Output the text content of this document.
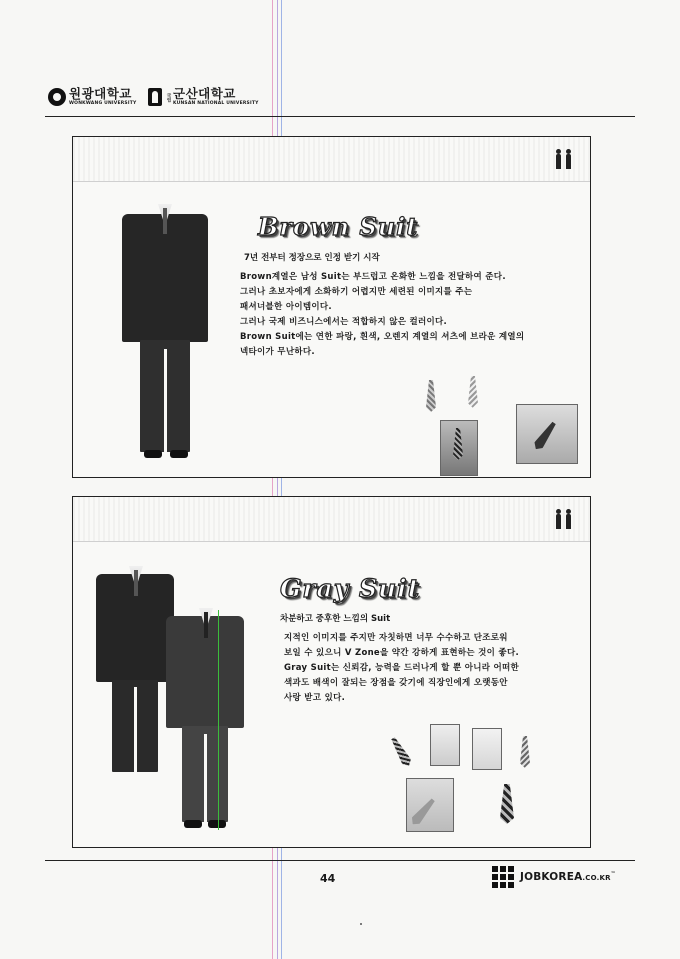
원광대학교
WONKWANG UNIVERSITY
국립 군산대학교
KUNSAN NATIONAL UNIVERSITY
Brown Suit
7년 전부터 정장으로 인정 받기 시작
Brown계열은 남성 Suit는 부드럽고 온화한 느낌을 전달하여 준다.
그러나 초보자에게 소화하기 어렵지만 세련된 이미지를 주는
패셔너블한 아이템이다.
그러나 국제 비즈니스에서는 적합하지 않은 컬러이다.
Brown Suit에는 연한 파랑, 흰색, 오렌지 계열의 셔츠에 브라운 계열의
넥타이가 무난하다.
Gray Suit
차분하고 중후한 느낌의 Suit
지적인 이미지를 주지만 자칫하면 너무 수수하고 단조로워
보일 수 있으니 V Zone을 약간 강하게 표현하는 것이 좋다.
Gray Suit는 신뢰감, 능력을 드러나게 할 뿐 아니라 어떠한
색과도 배색이 잘되는 장점을 갖기에 직장인에게 오랫동안
사랑 받고 있다.
44	JOBKOREA.CO.KR™
